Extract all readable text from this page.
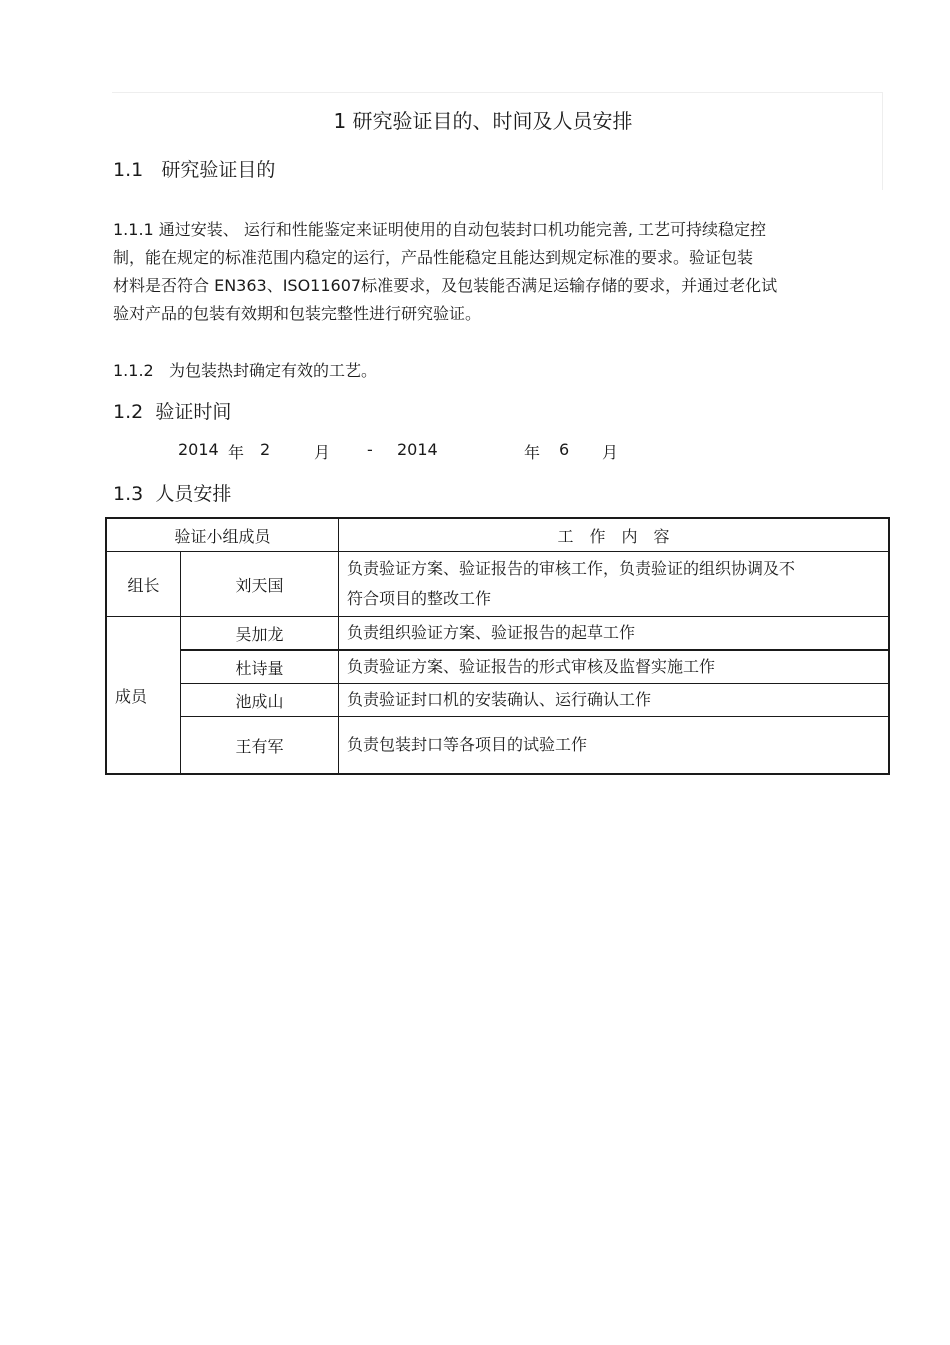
1 研究验证目的、时间及人员安排
1.1 研究验证目的
1.1.1 通过安装、 运行和性能鉴定来证明使用的自动包装封口机功能完善, 工艺可持续稳定控
制，能在规定的标准范围内稳定的运行，产品性能稳定且能达到规定标准的要求。验证包装
材料是否符合 EN363、ISO11607标准要求，及包装能否满足运输存储的要求，并通过老化试
验对产品的包装有效期和包装完整性进行研究验证。
1.1.2 为包装热封确定有效的工艺。
1.2 验证时间
2014 年 2	月 - 2014	年 6 月
1.3 人员安排
验证小组成员		工　作　内　容
组长	刘天国	负责验证方案、验证报告的审核工作，负责验证的组织协调及不
符合项目的整改工作

成员	吴加龙	负责组织验证方案、验证报告的起草工作
	杜诗量	负责验证方案、验证报告的形式审核及监督实施工作
	池成山	负责验证封口机的安装确认、运行确认工作
	王有军	负责包装封口等各项目的试验工作
